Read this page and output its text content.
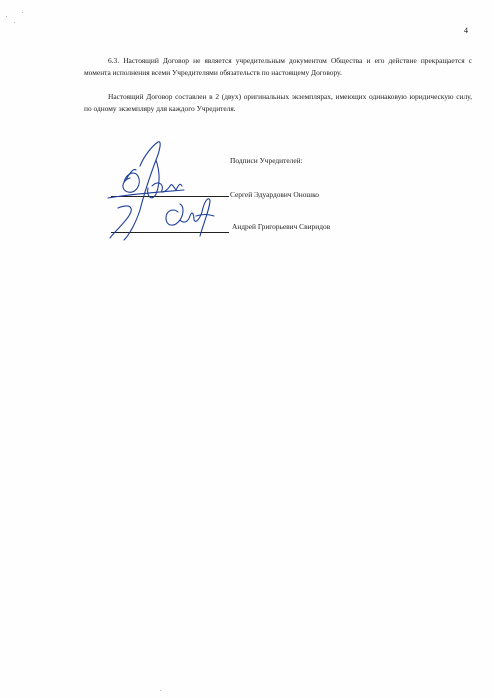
4

6.3. Настоящий Договор не является учредительным документом Общества и его действие прекращается с момента исполнения всеми Учредителями обязательств по настоящему Договору.

Настоящий Договор составлен в 2 (двух) оригинальных экземплярах, имеющих одинаковую юридическую силу, по одному экземпляру для каждого Учредителя.

Подписи Учредителей:
Сергей Эдуардович Оношко
Андрей Григорьевич Свиридов
